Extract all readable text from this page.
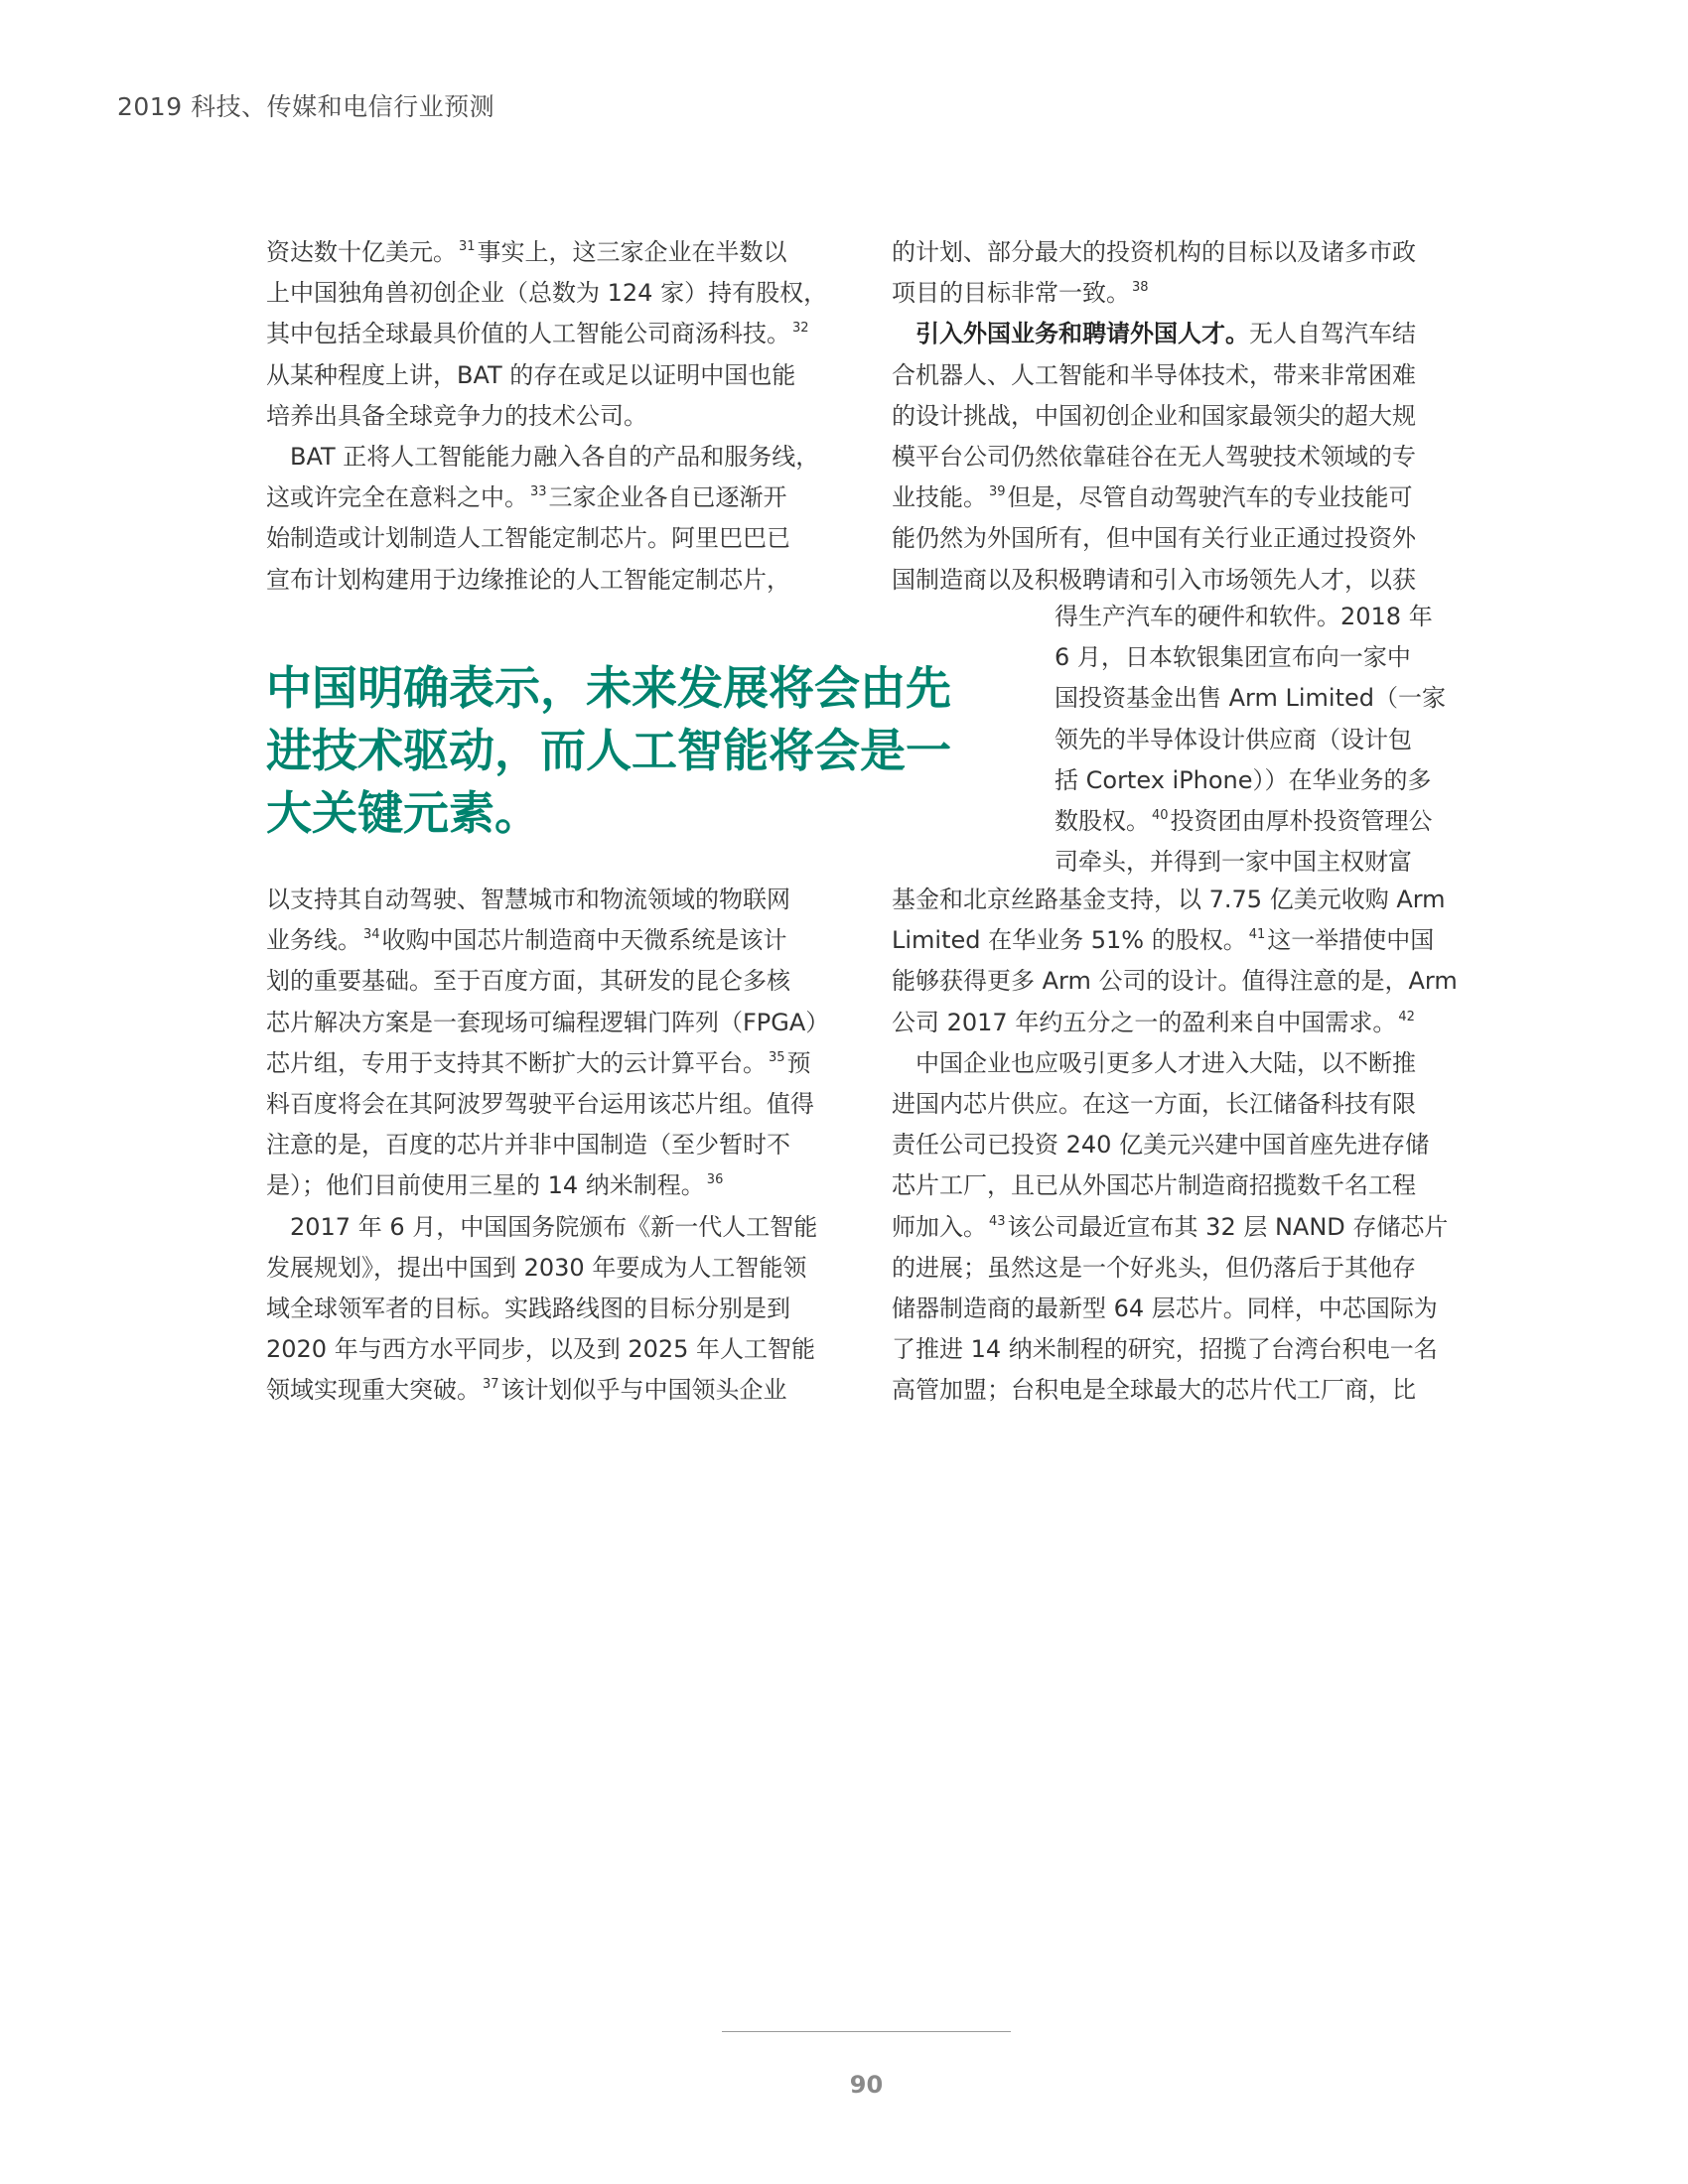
2019 科技、传媒和电信行业预测

资达数十亿美元。 $^{31}$事实上，这三家企业在半数以
上中国独角兽初创企业（总数为 124 家）持有股权，
其中包括全球最具价值的人工智能公司商汤科技。 $^{32}$
从某种程度上讲，BAT 的存在或足以证明中国也能
培养出具备全球竞争力的技术公司。

BAT 正将人工智能能力融入各自的产品和服务线，
这或许完全在意料之中。 $^{33}$三家企业各自已逐渐开
始制造或计划制造人工智能定制芯片。阿里巴巴已
宣布计划构建用于边缘推论的人工智能定制芯片，

中国明确表示，未来发展将会由先
进技术驱动，而人工智能将会是一
大关键元素。

以支持其自动驾驶、智慧城市和物流领域的物联网
业务线。 $^{34}$收购中国芯片制造商中天微系统是该计
划的重要基础。至于百度方面，其研发的昆仑多核
芯片解决方案是一套现场可编程逻辑门阵列（FPGA）
芯片组，专用于支持其不断扩大的云计算平台。 $^{35}$预
料百度将会在其阿波罗驾驶平台运用该芯片组。值得
注意的是，百度的芯片并非中国制造（至少暂时不
是）；他们目前使用三星的 14 纳米制程。 $^{36}$

2017 年 6 月，中国国务院颁布《新一代人工智能
发展规划》，提出中国到 2030 年要成为人工智能领
域全球领军者的目标。实践路线图的目标分别是到
2020 年与西方水平同步，以及到 2025 年人工智能
领域实现重大突破。 $^{37}$该计划似乎与中国领头企业

的计划、部分最大的投资机构的目标以及诸多市政
项目的目标非常一致。 $^{38}$

引入外国业务和聘请外国人才。无人自驾汽车结
合机器人、人工智能和半导体技术，带来非常困难
的设计挑战，中国初创企业和国家最领尖的超大规
模平台公司仍然依靠硅谷在无人驾驶技术领域的专
业技能。 $^{39}$但是，尽管自动驾驶汽车的专业技能可
能仍然为外国所有，但中国有关行业正通过投资外
国制造商以及积极聘请和引入市场领先人才，以获

得生产汽车的硬件和软件。2018 年
6 月，日本软银集团宣布向一家中
国投资基金出售 Arm Limited（一家
领先的半导体设计供应商（设计包
括 Cortex iPhone））在华业务的多
数股权。 $^{40}$投资团由厚朴投资管理公
司牵头，并得到一家中国主权财富

基金和北京丝路基金支持，以 7.75 亿美元收购 Arm
Limited 在华业务 51% 的股权。 $^{41}$这一举措使中国
能够获得更多 Arm 公司的设计。值得注意的是，Arm
公司 2017 年约五分之一的盈利来自中国需求。 $^{42}$

中国企业也应吸引更多人才进入大陆，以不断推
进国内芯片供应。在这一方面，长江储备科技有限
责任公司已投资 240 亿美元兴建中国首座先进存储
芯片工厂，且已从外国芯片制造商招揽数千名工程
师加入。 $^{43}$该公司最近宣布其 32 层 NAND 存储芯片
的进展；虽然这是一个好兆头，但仍落后于其他存
储器制造商的最新型 64 层芯片。同样，中芯国际为
了推进 14 纳米制程的研究，招揽了台湾台积电一名
高管加盟；台积电是全球最大的芯片代工厂商，比

90
